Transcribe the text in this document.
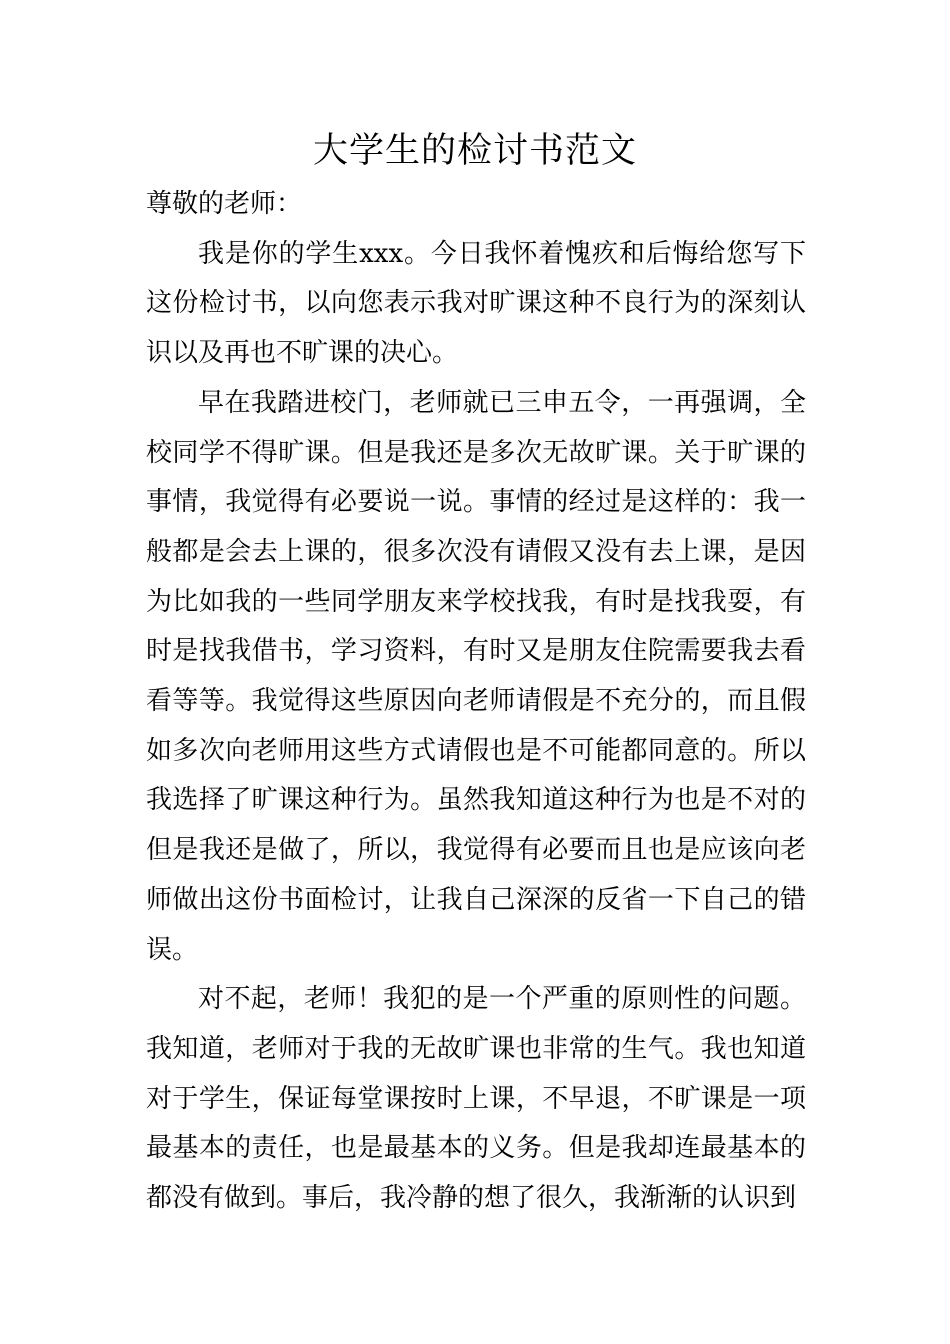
大学生的检讨书范文

尊敬的老师：

我是你的学生xxx。今日我怀着愧疚和后悔给您写下这份检讨书，以向您表示我对旷课这种不良行为的深刻认识以及再也不旷课的决心。

早在我踏进校门，老师就已三申五令，一再强调，全校同学不得旷课。但是我还是多次无故旷课。关于旷课的事情，我觉得有必要说一说。事情的经过是这样的：我一般都是会去上课的，很多次没有请假又没有去上课，是因为比如我的一些同学朋友来学校找我，有时是找我耍，有时是找我借书，学习资料，有时又是朋友住院需要我去看看等等。我觉得这些原因向老师请假是不充分的，而且假如多次向老师用这些方式请假也是不可能都同意的。所以我选择了旷课这种行为。虽然我知道这种行为也是不对的但是我还是做了，所以，我觉得有必要而且也是应该向老师做出这份书面检讨，让我自己深深的反省一下自己的错误。

对不起，老师！我犯的是一个严重的原则性的问题。我知道，老师对于我的无故旷课也非常的生气。我也知道对于学生，保证每堂课按时上课，不早退，不旷课是一项最基本的责任，也是最基本的义务。但是我却连最基本的都没有做到。事后，我冷静的想了很久，我渐渐的认识到
